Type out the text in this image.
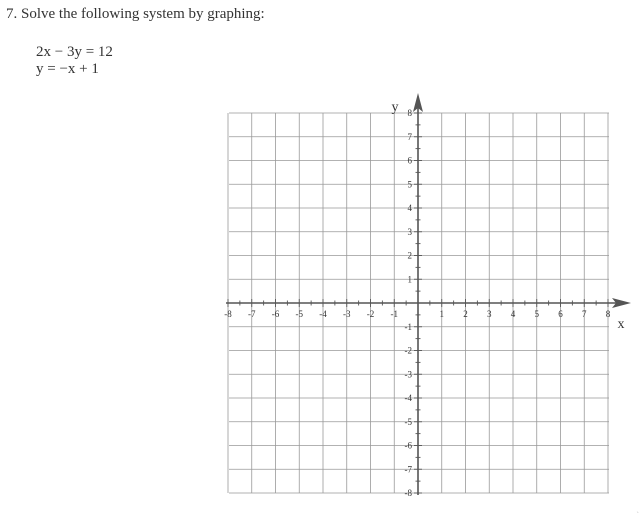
7. Solve the following system by graphing:
2x − 3y = 12
y = −x + 1
-8 -7 -6 -5 -4 -3 -2 -1	1 2 3 4 5 6 7 8
8
7
6
5
4
3
2
1
-1
-2
-3
-4
-5
-6
-7
-8
x
y
ˎ
